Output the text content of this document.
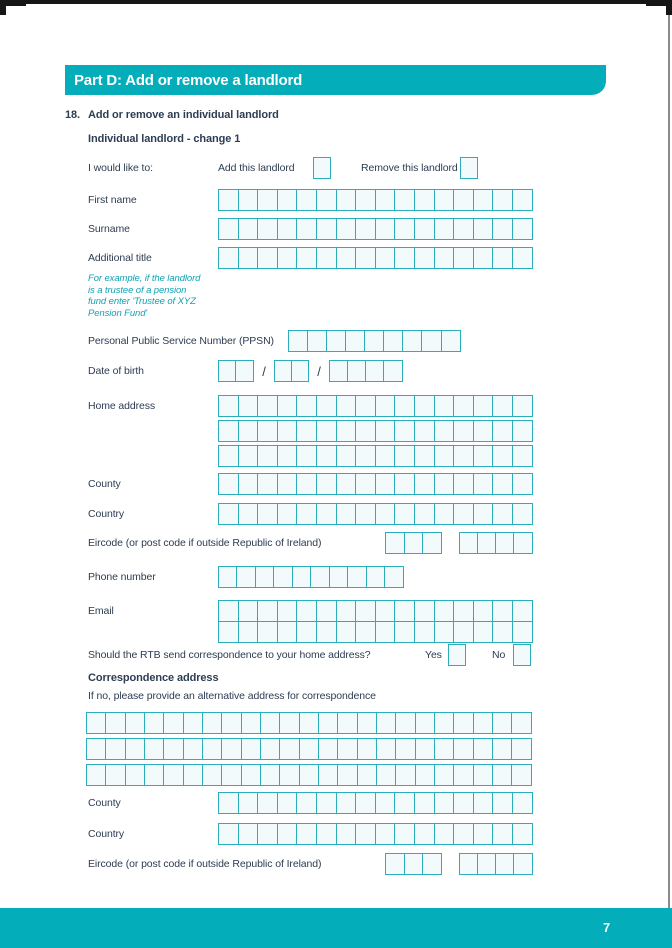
Part D: Add or remove a landlord
18. Add or remove an individual landlord
Individual landlord - change 1
I would like to:	Add this landlord	Remove this landlord
First name
Surname
Additional title
For example, if the landlord
is a trustee of a pension
fund enter 'Trustee of XYZ
Pension Fund'
Personal Public Service Number (PPSN)
Date of birth	/	/
Home address
County
Country
Eircode (or post code if outside Republic of Ireland)
Phone number
Email
Should the RTB send correspondence to your home address?	Yes	No
Correspondence address
If no, please provide an alternative address for correspondence
County
Country
Eircode (or post code if outside Republic of Ireland)
7
